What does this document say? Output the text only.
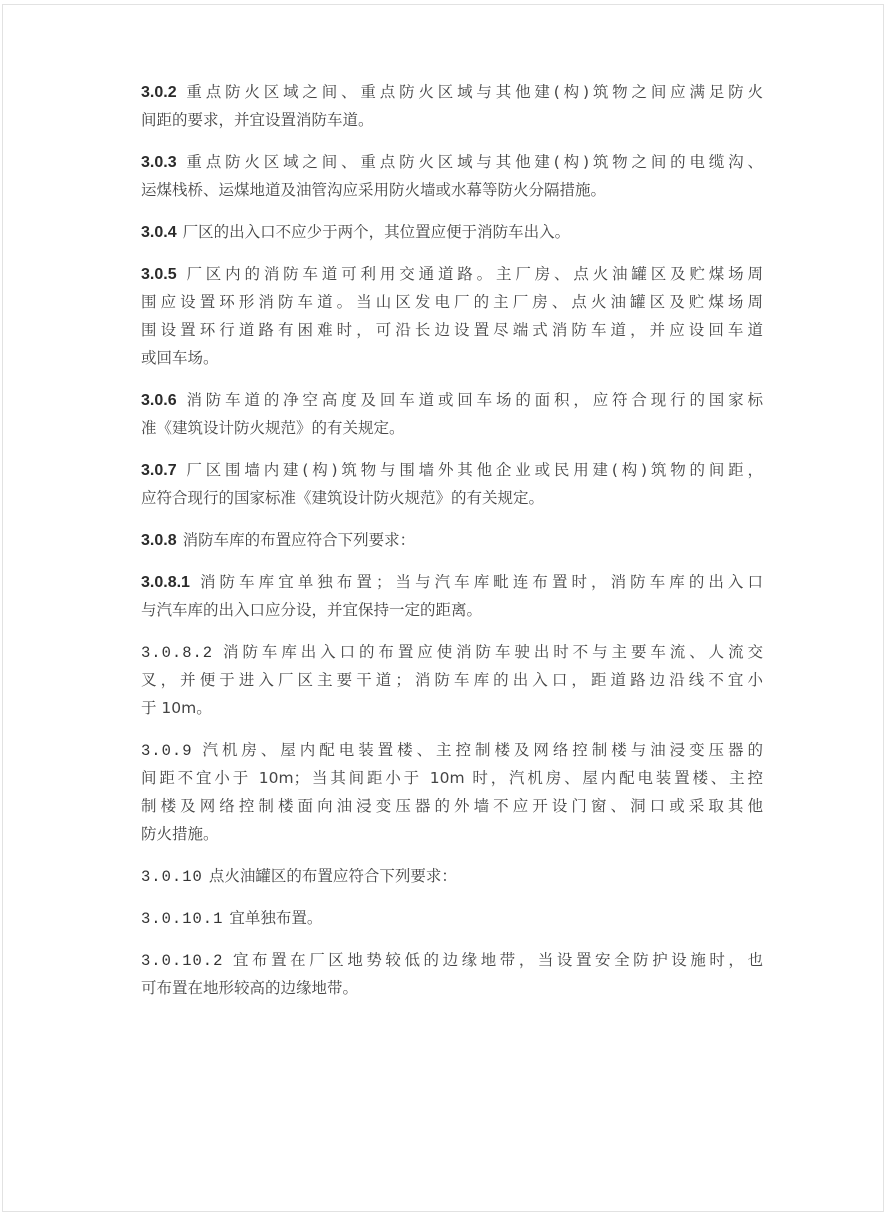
3.0.2 重点防火区域之间、重点防火区域与其他建(构)筑物之间应满足防火
间距的要求，并宜设置消防车道。
3.0.3 重点防火区域之间、重点防火区域与其他建(构)筑物之间的电缆沟、
运煤栈桥、运煤地道及油管沟应采用防火墙或水幕等防火分隔措施。
3.0.4 厂区的出入口不应少于两个，其位置应便于消防车出入。
3.0.5 厂区内的消防车道可利用交通道路。主厂房、点火油罐区及贮煤场周
围应设置环形消防车道。当山区发电厂的主厂房、点火油罐区及贮煤场周
围设置环行道路有困难时，可沿长边设置尽端式消防车道，并应设回车道
或回车场。
3.0.6 消防车道的净空高度及回车道或回车场的面积，应符合现行的国家标
准《建筑设计防火规范》的有关规定。
3.0.7 厂区围墙内建(构)筑物与围墙外其他企业或民用建(构)筑物的间距，
应符合现行的国家标准《建筑设计防火规范》的有关规定。
3.0.8 消防车库的布置应符合下列要求：
3.0.8.1 消防车库宜单独布置；当与汽车库毗连布置时，消防车库的出入口
与汽车库的出入口应分设，并宜保持一定的距离。
3.0.8.2 消防车库出入口的布置应使消防车驶出时不与主要车流、人流交
叉，并便于进入厂区主要干道；消防车库的出入口，距道路边沿线不宜小
于 10m。
3.0.9 汽机房、屋内配电装置楼、主控制楼及网络控制楼与油浸变压器的
间距不宜小于 10m；当其间距小于 10m 时，汽机房、屋内配电装置楼、主控
制楼及网络控制楼面向油浸变压器的外墙不应开设门窗、洞口或采取其他
防火措施。
3.0.10 点火油罐区的布置应符合下列要求：
3.0.10.1 宜单独布置。
3.0.10.2 宜布置在厂区地势较低的边缘地带，当设置安全防护设施时，也
可布置在地形较高的边缘地带。
